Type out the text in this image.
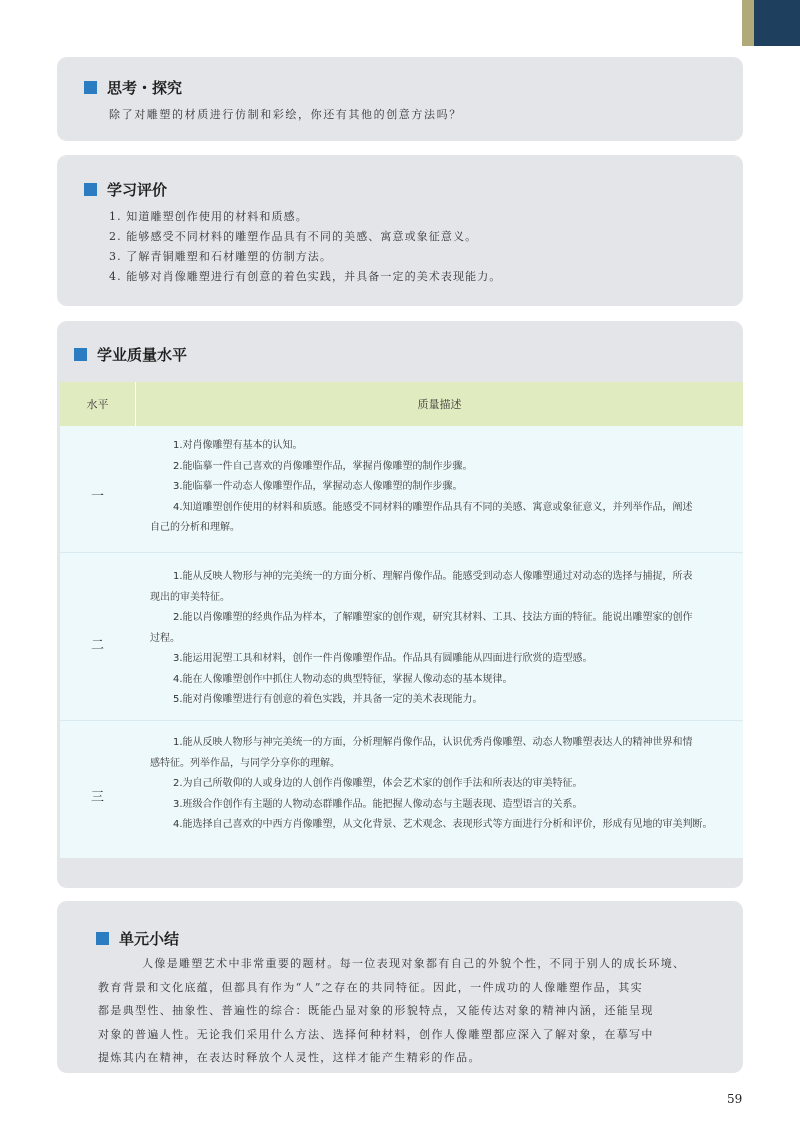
思考・探究
除了对雕塑的材质进行仿制和彩绘，你还有其他的创意方法吗？
学习评价
1. 知道雕塑创作使用的材料和质感。
2. 能够感受不同材料的雕塑作品具有不同的美感、寓意或象征意义。
3. 了解青铜雕塑和石材雕塑的仿制方法。
4. 能够对肖像雕塑进行有创意的着色实践，并具备一定的美术表现能力。
学业质量水平
水平	质量描述
一
1.对肖像雕塑有基本的认知。
2.能临摹一件自己喜欢的肖像雕塑作品，掌握肖像雕塑的制作步骤。
3.能临摹一件动态人像雕塑作品，掌握动态人像雕塑的制作步骤。
4.知道雕塑创作使用的材料和质感。能感受不同材料的雕塑作品具有不同的美感、寓意或象征意义，并列举作品，阐述
自己的分析和理解。
二
1.能从反映人物形与神的完美统一的方面分析、理解肖像作品。能感受到动态人像雕塑通过对动态的选择与捕捉，所表
现出的审美特征。
2.能以肖像雕塑的经典作品为样本，了解雕塑家的创作观，研究其材料、工具、技法方面的特征。能说出雕塑家的创作
过程。
3.能运用泥塑工具和材料，创作一件肖像雕塑作品。作品具有圆雕能从四面进行欣赏的造型感。
4.能在人像雕塑创作中抓住人物动态的典型特征，掌握人像动态的基本规律。
5.能对肖像雕塑进行有创意的着色实践，并具备一定的美术表现能力。
三
1.能从反映人物形与神完美统一的方面，分析理解肖像作品，认识优秀肖像雕塑、动态人物雕塑表达人的精神世界和情
感特征。列举作品，与同学分享你的理解。
2.为自己所敬仰的人或身边的人创作肖像雕塑，体会艺术家的创作手法和所表达的审美特征。
3.班级合作创作有主题的人物动态群雕作品。能把握人像动态与主题表现、造型语言的关系。
4.能选择自己喜欢的中西方肖像雕塑，从文化背景、艺术观念、表现形式等方面进行分析和评价，形成有见地的审美判断。
单元小结
人像是雕塑艺术中非常重要的题材。每一位表现对象都有自己的外貌个性，不同于别人的成长环境、
教育背景和文化底蕴，但都具有作为“人”之存在的共同特征。因此，一件成功的人像雕塑作品，其实
都是典型性、抽象性、普遍性的综合：既能凸显对象的形貌特点，又能传达对象的精神内涵，还能呈现
对象的普遍人性。无论我们采用什么方法、选择何种材料，创作人像雕塑都应深入了解对象，在摹写中
提炼其内在精神，在表达时释放个人灵性，这样才能产生精彩的作品。
59
